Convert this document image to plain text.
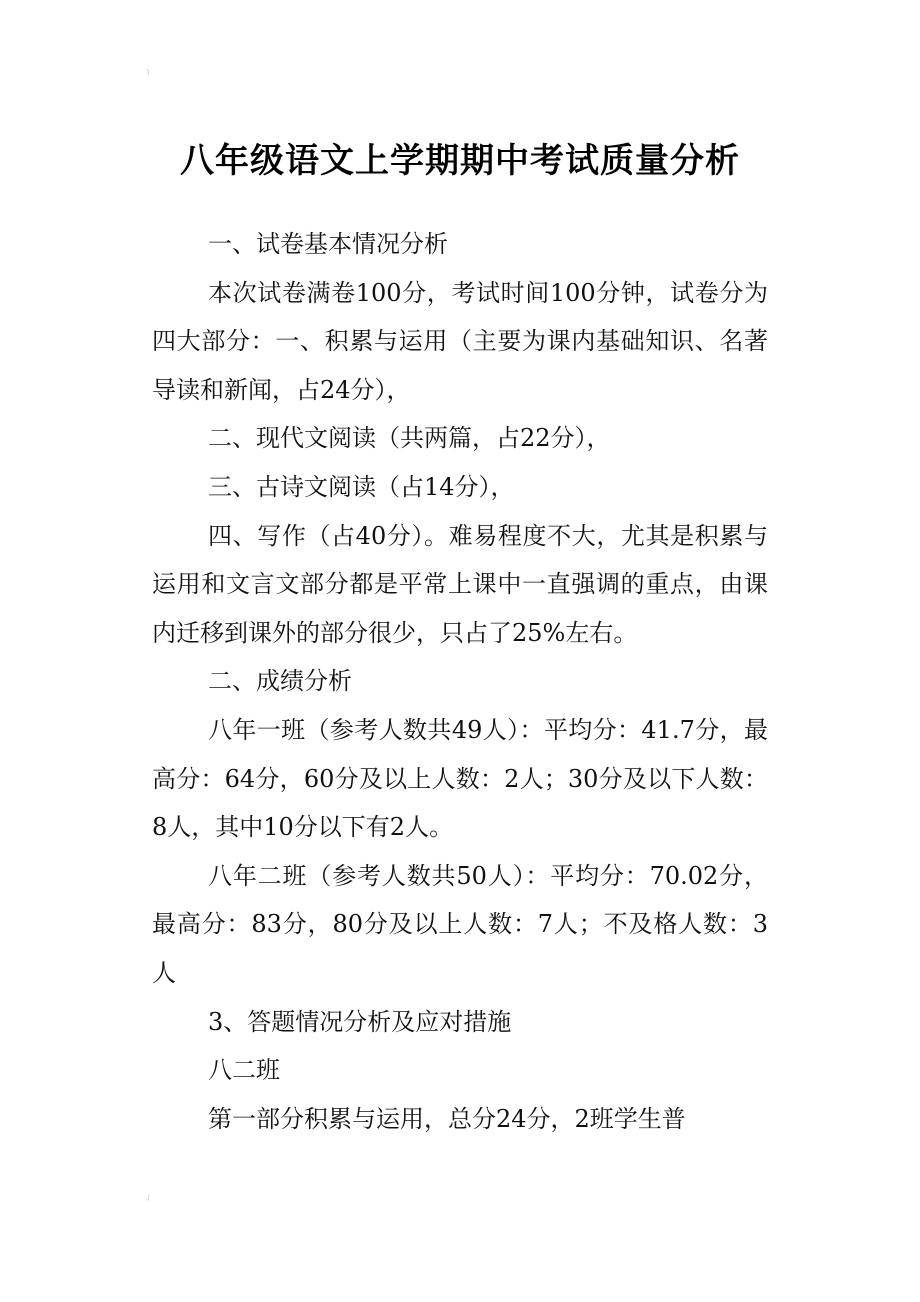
╮
八年级语文上学期期中考试质量分析

一、试卷基本情况分析

本次试卷满卷100分，考试时间100分钟，试卷分为四大部分：一、积累与运用（主要为课内基础知识、名著导读和新闻，占24分），

二、现代文阅读（共两篇，占22分），

三、古诗文阅读（占14分），

四、写作（占40分）。难易程度不大，尤其是积累与运用和文言文部分都是平常上课中一直强调的重点，由课内迁移到课外的部分很少，只占了25%左右。

二、成绩分析

八年一班（参考人数共49人）：平均分：41.7分，最高分：64分，60分及以上人数：2人；30分及以下人数：8人，其中10分以下有2人。

八年二班（参考人数共50人）：平均分：70.02分，最高分：83分，80分及以上人数：7人；不及格人数：3人

3、答题情况分析及应对措施

八二班

第一部分积累与运用，总分24分，2班学生普

╯
